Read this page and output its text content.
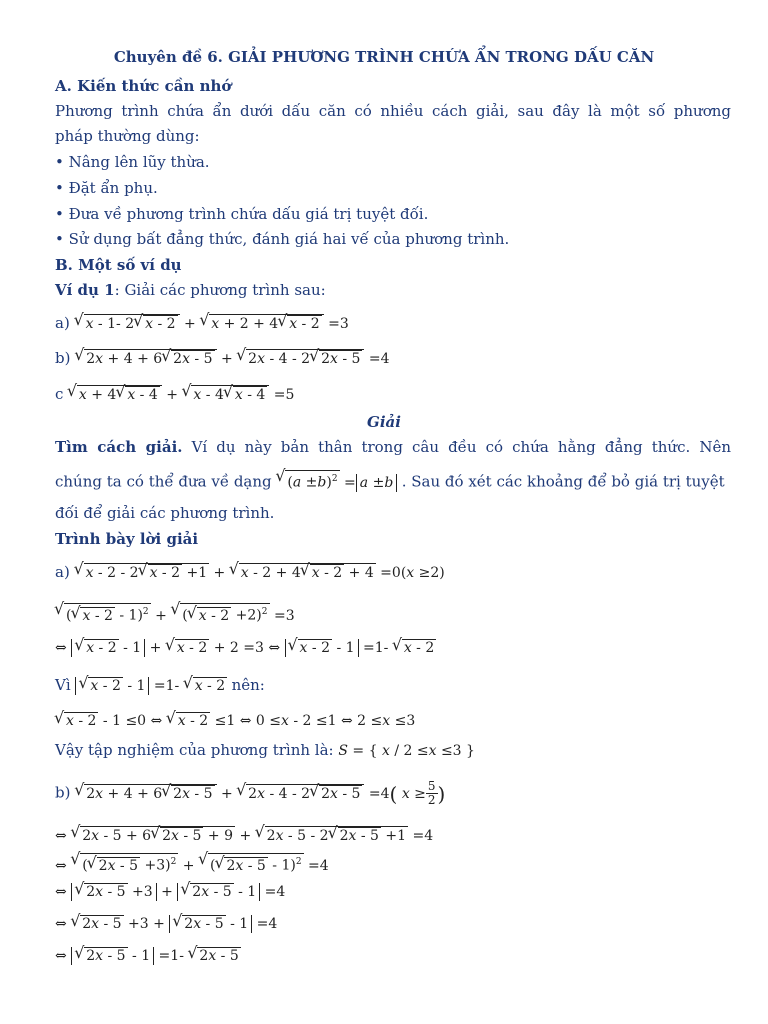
Chuyên đề 6. GIẢI PHƯƠNG TRÌNH CHỨA ẨN TRONG DẤU CĂN
A. Kiến thức cần nhớ
Phương trình chứa ẩn dưới dấu căn có nhiều cách giải, sau đây là một số phương
pháp thường dùng:
• Nâng lên lũy thừa.
• Đặt ẩn phụ.
• Đưa về phương trình chứa dấu giá trị tuyệt đối.
• Sử dụng bất đẳng thức, đánh giá hai vế của phương trình.
B. Một số ví dụ
Ví dụ 1: Giải các phương trình sau:
a) √ x - 1- 2 √ x - 2 + √ x + 2 + 4 √ x - 2 =3
b) √ 2x + 4 + 6 √ 2x - 5 + √ 2x - 4 - 2 √ 2x - 5 =4
c √ x + 4 √ x - 4 + √ x - 4 √ x - 4 =5
Giải
Tìm cách giải. Ví dụ này bản thân trong câu đều có chứa hằng đẳng thức. Nên
chúng ta có thể đưa về dạng √ $(a \pm b)^2 = a \pm b$ . Sau đó xét các khoảng để bỏ giá trị tuyệt
đối để giải các phương trình.
Trình bày lời giải
a) √ x - 2 - 2 √ x - 2 +1 + √ x - 2 + 4 √ x - 2 + 4 =0(x ≥2)
√ ( √ x - 2 - 1)$^2$ + √ ( √ x - 2 +2)$^2$ =3
⇔ √ x - 2 - 1 + √ x - 2 + 2 =3 ⇔ √ x - 2 - 1 =1- √ x - 2
Vì √ x - 2 - 1 =1- √ x - 2 nên:
√ x - 2 - 1 ≤0 ⇔ √ x - 2 ≤1 ⇔ 0 ≤x - 2 ≤1 ⇔ 2 ≤x ≤3
Vậy tập nghiệm của phương trình là: S = { x / 2 ≤x ≤3 }
b) √ 2x + 4 + 6 √ 2x - 5 + √ 2x - 4 - 2 √ 2x - 5 =4( $x \ge \frac{5}{2}$ )
⇔ √ 2x - 5 + 6 √ 2x - 5 + 9 + √ 2x - 5 - 2 √ 2x - 5 +1 =4
⇔ √ ( √ 2x - 5 +3)$^2$ + √ ( √ 2x - 5 - 1)$^2$ =4
⇔ √ 2x - 5 +3 + √ 2x - 5 - 1 =4
⇔ √ 2x - 5 +3 + √ 2x - 5 - 1 =4
⇔ √ 2x - 5 - 1 =1- √ 2x - 5
